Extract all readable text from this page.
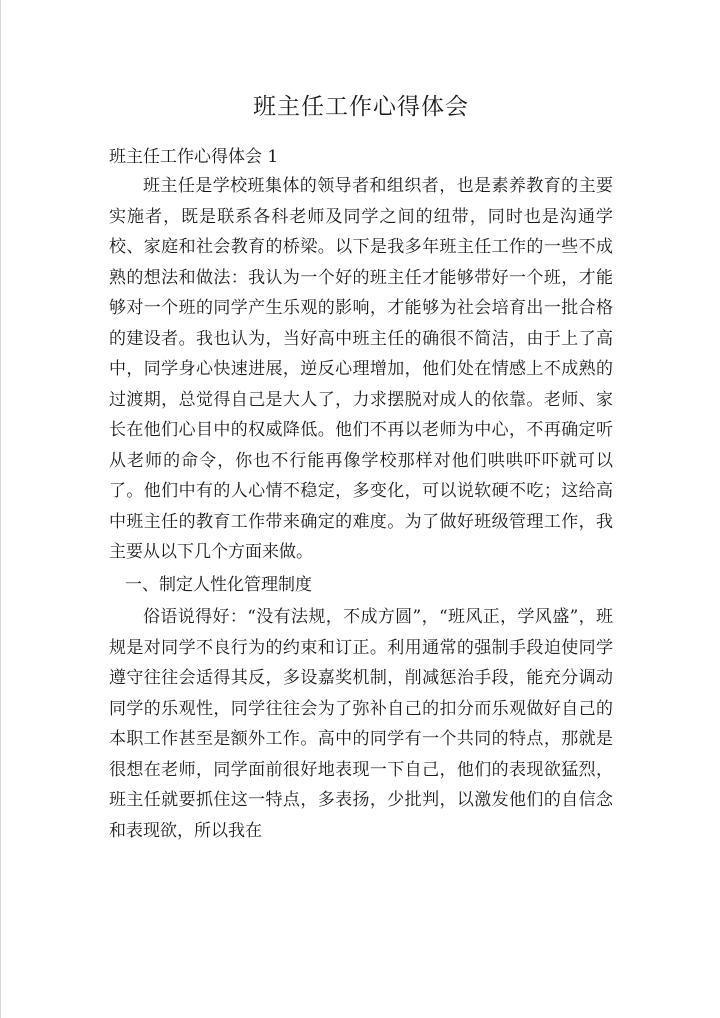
班主任工作心得体会

班主任工作心得体会 1

班主任是学校班集体的领导者和组织者，也是素养教育的主要实施者，既是联系各科老师及同学之间的纽带，同时也是沟通学校、家庭和社会教育的桥梁。以下是我多年班主任工作的一些不成熟的想法和做法：我认为一个好的班主任才能够带好一个班，才能够对一个班的同学产生乐观的影响，才能够为社会培育出一批合格的建设者。我也认为，当好高中班主任的确很不简洁，由于上了高中，同学身心快速进展，逆反心理增加，他们处在情感上不成熟的过渡期，总觉得自己是大人了，力求摆脱对成人的依靠。老师、家长在他们心目中的权威降低。他们不再以老师为中心，不再确定听从老师的命令，你也不行能再像学校那样对他们哄哄吓吓就可以了。他们中有的人心情不稳定，多变化，可以说软硬不吃；这给高中班主任的教育工作带来确定的难度。为了做好班级管理工作，我主要从以下几个方面来做。

一、制定人性化管理制度

俗语说得好：“没有法规，不成方圆”，“班风正，学风盛”，班规是对同学不良行为的约束和订正。利用通常的强制手段迫使同学遵守往往会适得其反，多设嘉奖机制，削减惩治手段，能充分调动同学的乐观性，同学往往会为了弥补自己的扣分而乐观做好自己的本职工作甚至是额外工作。高中的同学有一个共同的特点，那就是很想在老师，同学面前很好地表现一下自己，他们的表现欲猛烈，班主任就要抓住这一特点，多表扬，少批判，以激发他们的自信念和表现欲，所以我在
